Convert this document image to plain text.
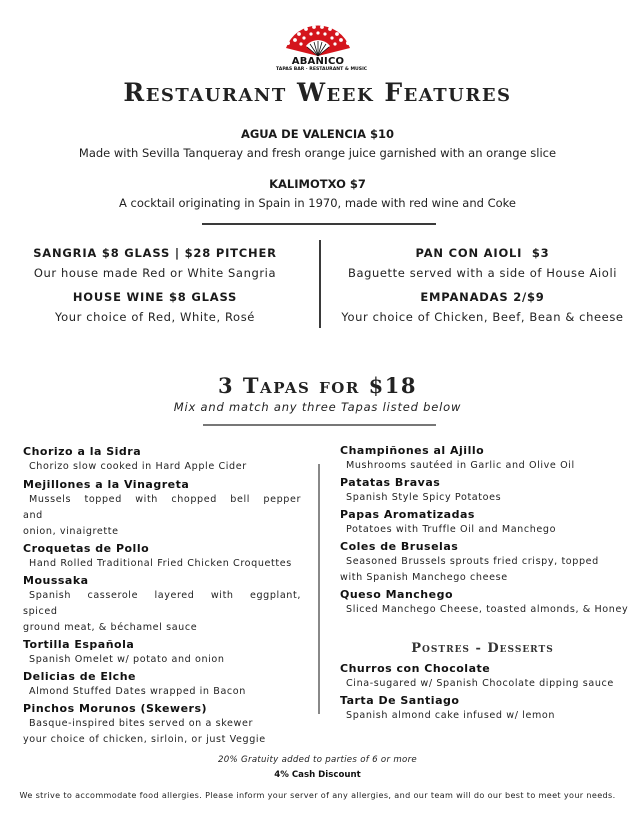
ABANICO
TAPAS BAR · RESTAURANT & MUSIC
Restaurant Week Features
AGUA DE VALENCIA $10
Made with Sevilla Tanqueray and fresh orange juice garnished with an orange slice
KALIMOTXO $7
A cocktail originating in Spain in 1970, made with red wine and Coke
SANGRIA $8 GLASS | $28 PITCHER
Our house made Red or White Sangria
HOUSE WINE $8 GLASS
Your choice of Red, White, Rosé
PAN CON AIOLI  $3
Baguette served with a side of House Aioli
EMPANADAS 2/$9
Your choice of Chicken, Beef, Bean & cheese
3 Tapas for $18
Mix and match any three Tapas listed below
Chorizo a la Sidra
Chorizo slow cooked in Hard Apple Cider
Mejillones a la Vinagreta
Mussels topped with chopped bell pepper and
onion, vinaigrette
Croquetas de Pollo
Hand Rolled Traditional Fried Chicken Croquettes
Moussaka
Spanish casserole layered with eggplant, spiced
ground meat, & béchamel sauce
Tortilla Española
Spanish Omelet w/ potato and onion
Delicias de Elche
Almond Stuffed Dates wrapped in Bacon
Pinchos Morunos (Skewers)
Basque-inspired bites served on a skewer
your choice of chicken, sirloin, or just Veggie
Champiñones al Ajillo
Mushrooms sautéed in Garlic and Olive Oil
Patatas Bravas
Spanish Style Spicy Potatoes
Papas Aromatizadas
Potatoes with Truffle Oil and Manchego
Coles de Bruselas
Seasoned Brussels sprouts fried crispy, topped
with Spanish Manchego cheese
Queso Manchego
Sliced Manchego Cheese, toasted almonds, & Honey
Postres - Desserts
Churros con Chocolate
Cina-sugared w/ Spanish Chocolate dipping sauce
Tarta De Santiago
Spanish almond cake infused w/ lemon
20% Gratuity added to parties of 6 or more
4% Cash Discount
We strive to accommodate food allergies. Please inform your server of any allergies, and our team will do our best to meet your needs.
